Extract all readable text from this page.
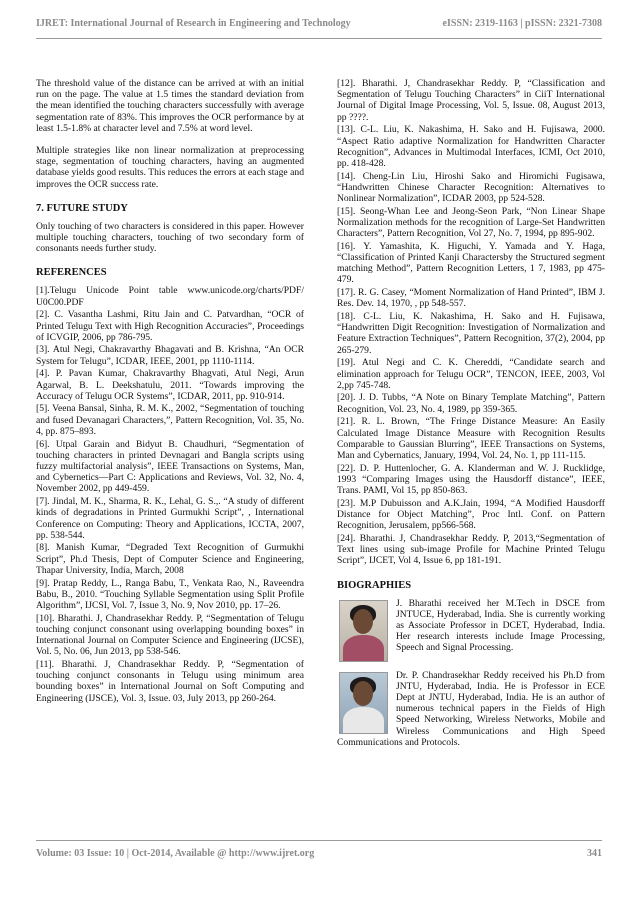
IJRET: International Journal of Research in Engineering and Technology	eISSN: 2319-1163 | pISSN: 2321-7308

The threshold value of the distance can be arrived at with an initial run on the page. The value at 1.5 times the standard deviation from the mean identified the touching characters successfully with average segmentation rate of 83%. This improves the OCR performance by at least 1.5-1.8% at character level and 7.5% at word level.

Multiple strategies like non linear normalization at preprocessing stage, segmentation of touching characters, having an augmented database yields good results. This reduces the errors at each stage and improves the OCR success rate.

7. FUTURE STUDY

Only touching of two characters is considered in this paper. However multiple touching characters, touching of two secondary form of consonants needs further study.

REFERENCES
[1].Telugu Unicode Point table www.unicode.org/charts/PDF/ U0C00.PDF
[2]. C. Vasantha Lashmi, Ritu Jain and C. Patvardhan, “OCR of Printed Telugu Text with High Recognition Accuracies”, Proceedings of ICVGIP, 2006, pp 786-795.
[3]. Atul Negi, Chakravarthy Bhagavati and B. Krishna, “An OCR System for Telugu”, ICDAR, IEEE, 2001, pp 1110-1114.
[4]. P. Pavan Kumar, Chakravarthy Bhagvati, Atul Negi, Arun Agarwal, B. L. Deekshatulu, 2011. “Towards improving the Accuracy of Telugu OCR Systems”, ICDAR, 2011, pp. 910-914.
[5]. Veena Bansal, Sinha, R. M. K., 2002, “Segmentation of touching and fused Devanagari Characters,”, Pattern Recognition, Vol. 35, No. 4, pp. 875–893.
[6]. Utpal Garain and Bidyut B. Chaudhuri, “Segmentation of touching characters in printed Devnagari and Bangla scripts using fuzzy multifactorial analysis”, IEEE Transactions on Systems, Man, and Cybernetics—Part C: Applications and Reviews, Vol. 32, No. 4, November 2002, pp 449-459.
[7]. Jindal, M. K., Sharma, R. K., Lehal, G. S.,. “A study of different kinds of degradations in Printed Gurmukhi Script”, , International Conference on Computing: Theory and Applications, ICCTA, 2007, pp. 538-544.
[8]. Manish Kumar, “Degraded Text Recognition of Gurmukhi Script”, Ph.d Thesis, Dept of Computer Science and Engineering, Thapar University, India, March, 2008
[9]. Pratap Reddy, L., Ranga Babu, T., Venkata Rao, N., Raveendra Babu, B., 2010. “Touching Syllable Segmentation using Split Profile Algorithm”, IJCSI, Vol. 7, Issue 3, No. 9, Nov 2010, pp. 17–26.
[10]. Bharathi. J, Chandrasekhar Reddy. P, “Segmentation of Telugu touching conjunct consonant using overlapping bounding boxes” in International Journal on Computer Science and Engineering (IJCSE), Vol. 5, No. 06, Jun 2013, pp 538-546.
[11]. Bharathi. J, Chandrasekhar Reddy. P, “Segmentation of touching conjunct consonants in Telugu using minimum area bounding boxes” in International Journal on Soft Computing and Engineering (IJSCE), Vol. 3, Issue. 03, July 2013, pp 260-264.
[12]. Bharathi. J, Chandrasekhar Reddy. P, “Classification and Segmentation of Telugu Touching Characters” in CiiT International Journal of Digital Image Processing, Vol. 5, Issue. 08, August 2013, pp ????.
[13]. C-L. Liu, K. Nakashima, H. Sako and H. Fujisawa, 2000. “Aspect Ratio adaptive Normalization for Handwritten Character Recognition”, Advances in Multimodal Interfaces, ICMI, Oct 2010, pp. 418-428.
[14]. Cheng-Lin Liu, Hiroshi Sako and Hiromichi Fugisawa, “Handwritten Chinese Character Recognition: Alternatives to Nonlinear Normalization”, ICDAR 2003, pp 524-528.
[15]. Seong-Whan Lee and Jeong-Seon Park, “Non Linear Shape Normalization methods for the recognition of Large-Set Handwritten Characters”, Pattern Recognition, Vol 27, No. 7, 1994, pp 895-902.
[16]. Y. Yamashita, K. Higuchi, Y. Yamada and Y. Haga, “Classification of Printed Kanji Charactersby the Structured segment matching Method”, Pattern Recognition Letters, 1 7, 1983, pp 475-479.
[17]. R. G. Casey, “Moment Normalization of Hand Printed”, IBM J. Res. Dev. 14, 1970, , pp 548-557.
[18]. C-L. Liu, K. Nakashima, H. Sako and H. Fujisawa, “Handwritten Digit Recognition: Investigation of Normalization and Feature Extraction Techniques”, Pattern Recognition, 37(2), 2004, pp 265-279.
[19]. Atul Negi and C. K. Chereddi, “Candidate search and elimination approach for Telugu OCR”, TENCON, IEEE, 2003, Vol 2,pp 745-748.
[20]. J. D. Tubbs, “A Note on Binary Template Matching”, Pattern Recognition, Vol. 23, No. 4, 1989, pp 359-365.
[21]. R. L. Brown, “The Fringe Distance Measure: An Easily Calculated Image Distance Measure with Recognition Results Comparable to Gaussian Blurring”, IEEE Transactions on Systems, Man and Cybernatics, January, 1994, Vol. 24, No. 1, pp 111-115.
[22]. D. P. Huttenlocher, G. A. Klanderman and W. J. Rucklidge, 1993 “Comparing Images using the Hausdorff distance”, IEEE, Trans. PAMI, Vol 15, pp 850-863.
[23]. M.P Dubuisson and A.K.Jain, 1994, “A Modified Hausdorff Distance for Object Matching”, Proc Intl. Conf. on Pattern Recognition, Jerusalem, pp566-568.
[24]. Bharathi. J, Chandrasekhar Reddy. P, 2013,“Segmentation of Text lines using sub-image Profile for Machine Printed Telugu Script”, IJCET, Vol 4, Issue 6, pp 181-191.
BIOGRAPHIES
J. Bharathi received her M.Tech in DSCE from JNTUCE, Hyderabad, India. She is currently working as Associate Professor in DCET, Hyderabad, India. Her research interests include Image Processing, Speech and Signal Processing.
Dr. P. Chandrasekhar Reddy received his Ph.D from JNTU, Hyderabad, India. He is Professor in ECE Dept at JNTU, Hyderabad, India. He is an author of numerous technical papers in the Fields of High Speed Networking, Wireless Networks, Mobile and Wireless Communications and High Speed Communications and Protocols.
Volume: 03 Issue: 10 | Oct-2014, Available @ http://www.ijret.org	341
